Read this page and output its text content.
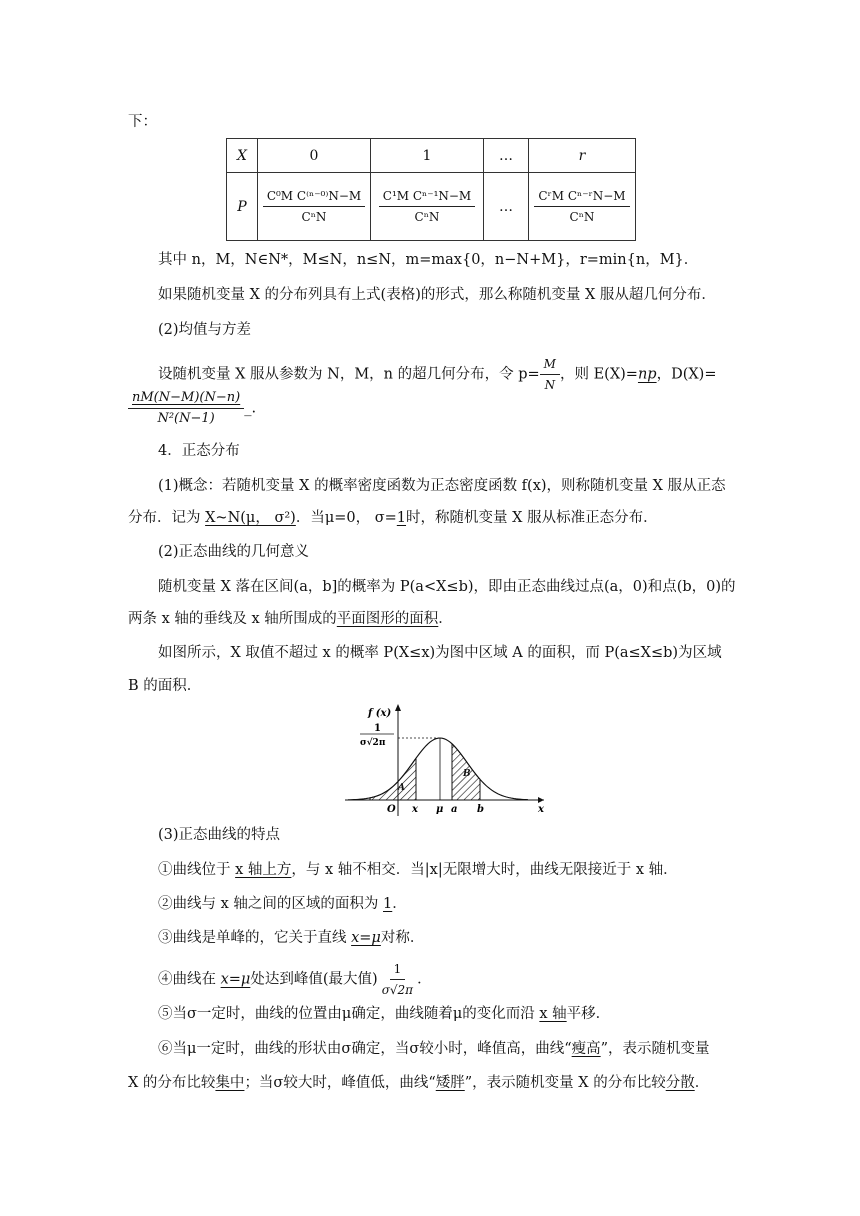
下：
X	0	1	…	r
P	$\frac{\text{C⁰M C⁽ⁿ⁻⁰⁾N−M}}{\text{CⁿN}}$	$\frac{\text{C¹M Cⁿ⁻¹N−M}}{\text{CⁿN}}$	…	$\frac{\text{CʳM Cⁿ⁻ʳN−M}}{\text{CⁿN}}$
其中 n，M，N∈N*，M≤N，n≤N，m=max{0，n−N+M}，r=min{n，M}．
如果随机变量 X 的分布列具有上式(表格)的形式，那么称随机变量 X 服从超几何分布．
(2)均值与方差
设随机变量 X 服从参数为 N，M，n 的超几何分布，令 $p= \frac{M}{N}$ ，则 E(X)=np，D(X)=
$\frac{nM(N-M)(N-n)}{\text{N²(N−1)}}$ _.
4．正态分布
(1)概念：若随机变量 X 的概率密度函数为正态密度函数 f(x)，则称随机变量 X 服从正态
分布．记为 X~N(μ， σ²)．当μ=0， σ=1时，称随机变量 X 服从标准正态分布．
(2)正态曲线的几何意义
随机变量 X 落在区间(a，b]的概率为 P(a<X≤b)，即由正态曲线过点(a，0)和点(b，0)的
两条 x 轴的垂线及 x 轴所围成的平面图形的面积．
如图所示，X 取值不超过 x 的概率 P(X≤x)为图中区域 A 的面积，而 P(a≤X≤b)为区域
B 的面积．
f (x)
1
σ√2π
O x μ a b	x
A
B
(3)正态曲线的特点
①曲线位于 x 轴上方，与 x 轴不相交．当|x|无限增大时，曲线无限接近于 x 轴．
②曲线与 x 轴之间的区域的面积为 1．
③曲线是单峰的，它关于直线 x=μ对称．
④曲线在 x=μ处达到峰值(最大值) $\frac{1}{\sigma√2\pi}$ ．
⑤当σ一定时，曲线的位置由μ确定，曲线随着μ的变化而沿 x 轴平移．
⑥当μ一定时，曲线的形状由σ确定，当σ较小时，峰值高，曲线“瘦高”，表示随机变量
X 的分布比较集中；当σ较大时，峰值低，曲线“矮胖”，表示随机变量 X 的分布比较分散．
